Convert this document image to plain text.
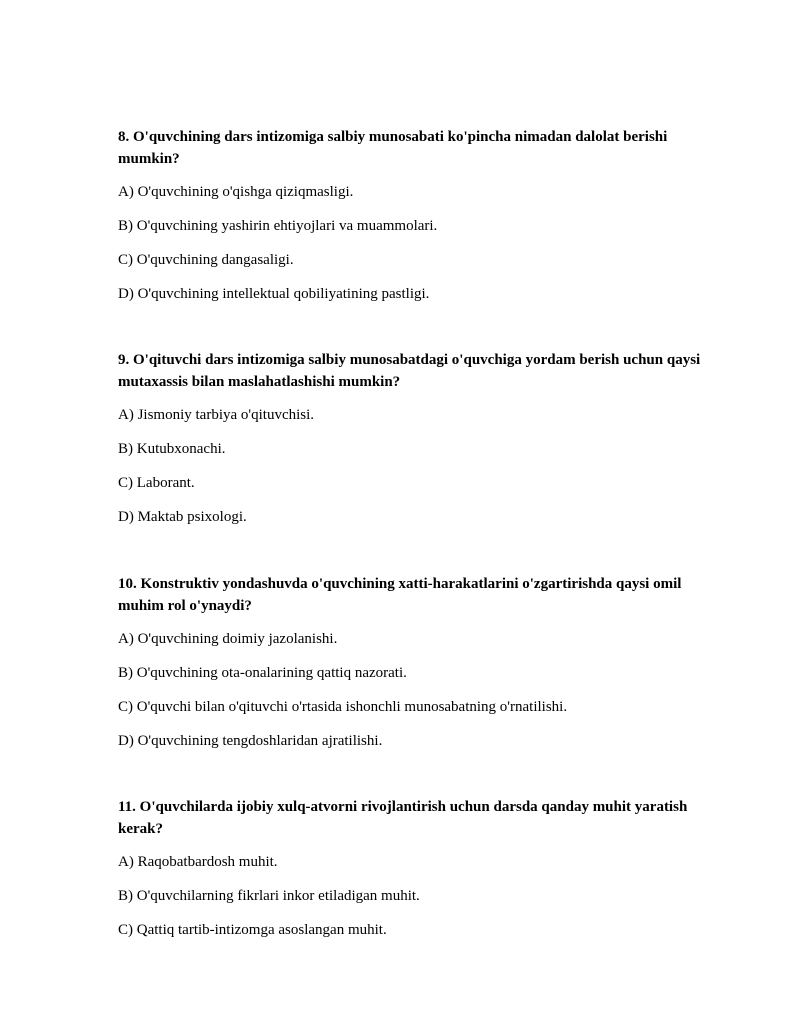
8. O'quvchining dars intizomiga salbiy munosabati ko'pincha nimadan dalolat berishi mumkin?

A) O'quvchining o'qishga qiziqmasligi.
B) O'quvchining yashirin ehtiyojlari va muammolari.
C) O'quvchining dangasaligi.
D) O'quvchining intellektual qobiliyatining pastligi.

9. O'qituvchi dars intizomiga salbiy munosabatdagi o'quvchiga yordam berish uchun qaysi mutaxassis bilan maslahatlashishi mumkin?

A) Jismoniy tarbiya o'qituvchisi.
B) Kutubxonachi.
C) Laborant.
D) Maktab psixologi.

10. Konstruktiv yondashuvda o'quvchining xatti-harakatlarini o'zgartirishda qaysi omil muhim rol o'ynaydi?

A) O'quvchining doimiy jazolanishi.
B) O'quvchining ota-onalarining qattiq nazorati.
C) O'quvchi bilan o'qituvchi o'rtasida ishonchli munosabatning o'rnatilishi.
D) O'quvchining tengdoshlaridan ajratilishi.

11. O'quvchilarda ijobiy xulq-atvorni rivojlantirish uchun darsda qanday muhit yaratish kerak?

A) Raqobatbardosh muhit.
B) O'quvchilarning fikrlari inkor etiladigan muhit.
C) Qattiq tartib-intizomga asoslangan muhit.
